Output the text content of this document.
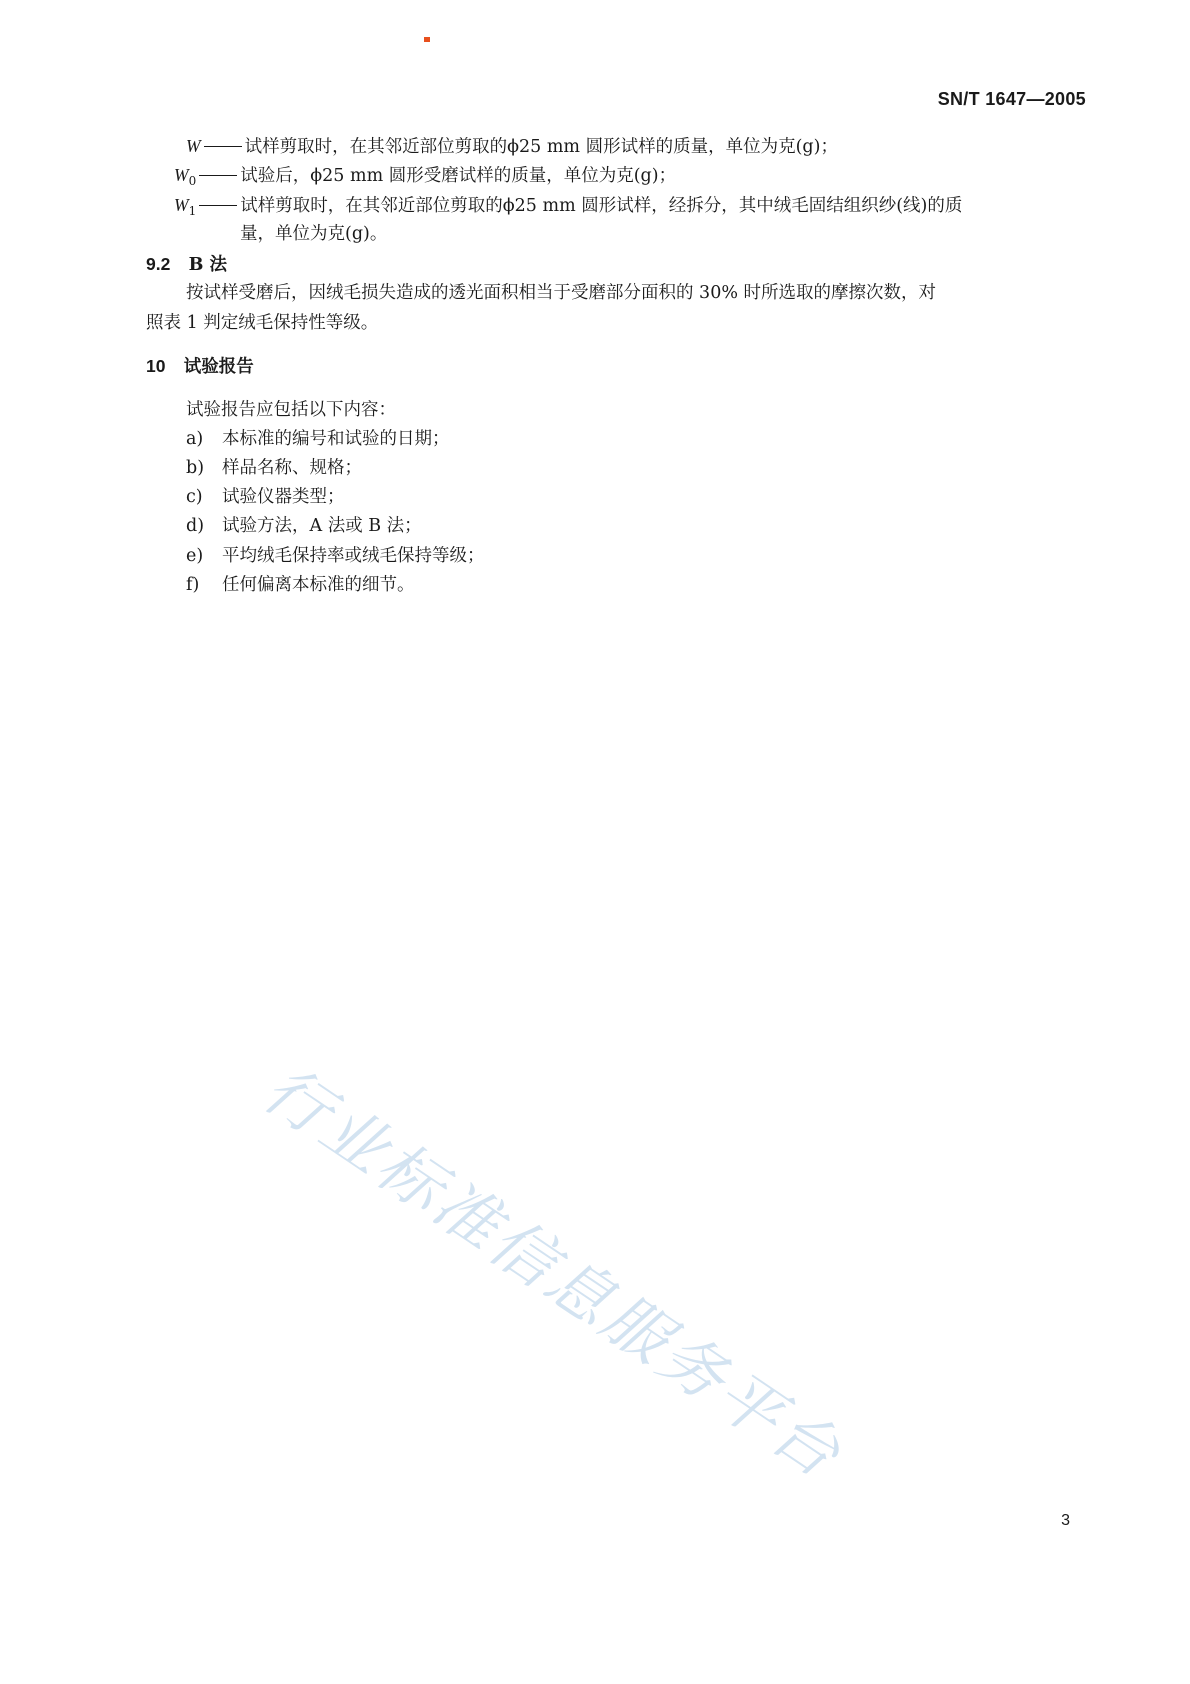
SN/T 1647—2005
W	试样剪取时，在其邻近部位剪取的ϕ25 mm 圆形试样的质量，单位为克(g)；
$W_0$	试验后，ϕ25 mm 圆形受磨试样的质量，单位为克(g)；
$W_1$	试样剪取时，在其邻近部位剪取的ϕ25 mm 圆形试样，经拆分，其中绒毛固结组织纱(线)的质
量，单位为克(g)。
9.2 B 法
按试样受磨后，因绒毛损失造成的透光面积相当于受磨部分面积的 30% 时所选取的摩擦次数，对
照表 1 判定绒毛保持性等级。
10 试验报告
试验报告应包括以下内容：
a) 本标准的编号和试验的日期；
b) 样品名称、规格；
c) 试验仪器类型；
d) 试验方法，A 法或 B 法；
e) 平均绒毛保持率或绒毛保持等级；
f) 任何偏离本标准的细节。
行业标准信息服务平台
3
